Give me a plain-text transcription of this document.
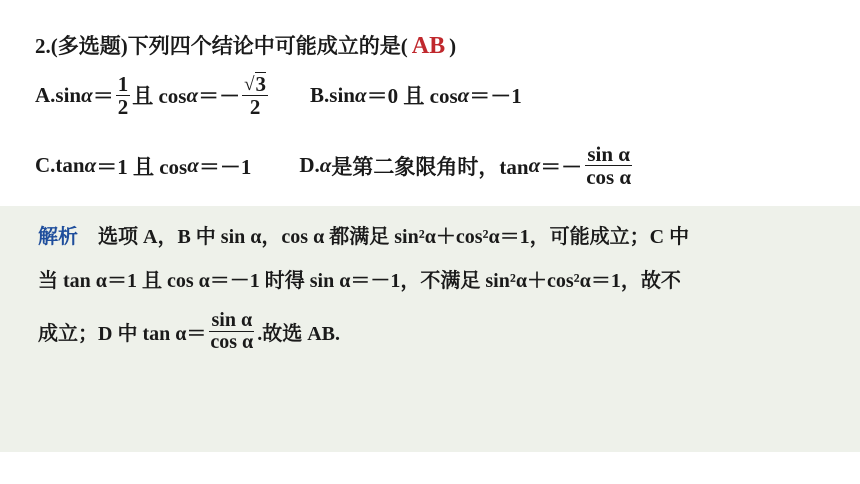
2.(多选题)下列四个结论中可能成立的是( AB )
A.sin $\alpha = \frac{1}{2}$ 且 $\cos \alpha =- \frac{√ 3}{2} B.\sin$ α ＝0 且 cos α ＝－1
C.tan α ＝1 且 cos α ＝－1 D. α 是第二象限角时，$\tan \alpha =- \frac{\text{sin α}}{\text{cos α}}$
解析 选项 A，B 中 sin α，cos α 都满足 sin²α＋cos²α＝1，可能成立；C 中
当 tan α＝1 且 cos α＝－1 时得 sin α＝－1，不满足 sin²α＋cos²α＝1，故不
成立；D 中 $\tan \alpha= \frac{\text{sin α}}{\text{cos α}}$ .故选 AB.
